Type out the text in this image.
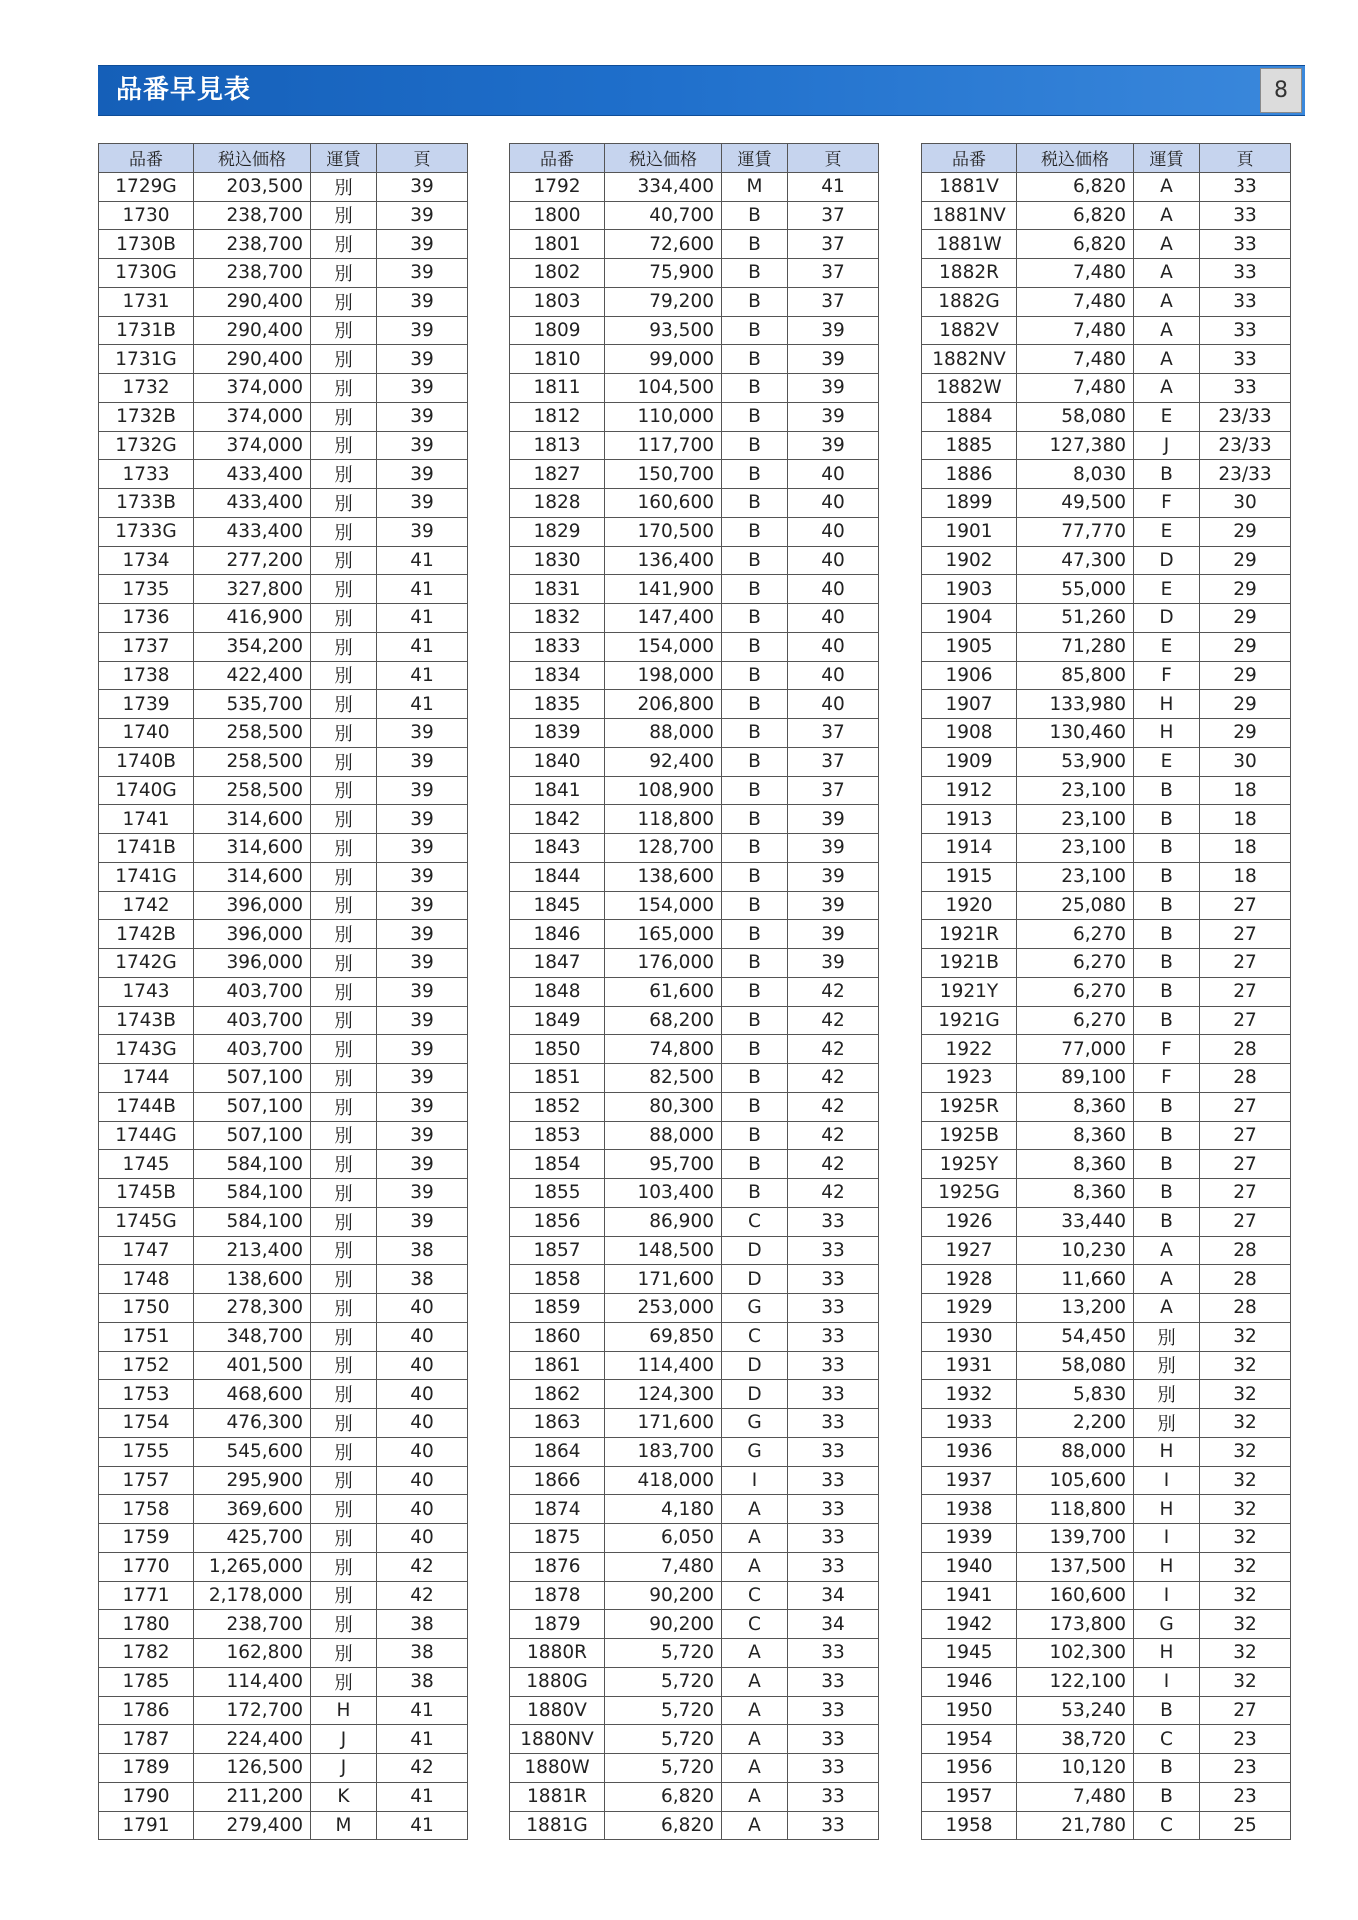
品番早見表	8
品番	税込価格	運賃	頁
1729G	203,500	別	39
1730	238,700	別	39
1730B	238,700	別	39
1730G	238,700	別	39
1731	290,400	別	39
1731B	290,400	別	39
1731G	290,400	別	39
1732	374,000	別	39
1732B	374,000	別	39
1732G	374,000	別	39
1733	433,400	別	39
1733B	433,400	別	39
1733G	433,400	別	39
1734	277,200	別	41
1735	327,800	別	41
1736	416,900	別	41
1737	354,200	別	41
1738	422,400	別	41
1739	535,700	別	41
1740	258,500	別	39
1740B	258,500	別	39
1740G	258,500	別	39
1741	314,600	別	39
1741B	314,600	別	39
1741G	314,600	別	39
1742	396,000	別	39
1742B	396,000	別	39
1742G	396,000	別	39
1743	403,700	別	39
1743B	403,700	別	39
1743G	403,700	別	39
1744	507,100	別	39
1744B	507,100	別	39
1744G	507,100	別	39
1745	584,100	別	39
1745B	584,100	別	39
1745G	584,100	別	39
1747	213,400	別	38
1748	138,600	別	38
1750	278,300	別	40
1751	348,700	別	40
1752	401,500	別	40
1753	468,600	別	40
1754	476,300	別	40
1755	545,600	別	40
1757	295,900	別	40
1758	369,600	別	40
1759	425,700	別	40
1770	1,265,000	別	42
1771	2,178,000	別	42
1780	238,700	別	38
1782	162,800	別	38
1785	114,400	別	38
1786	172,700	H	41
1787	224,400	J	41
1789	126,500	J	42
1790	211,200	K	41
1791	279,400	M	41
品番	税込価格	運賃	頁
1792	334,400	M	41
1800	40,700	B	37
1801	72,600	B	37
1802	75,900	B	37
1803	79,200	B	37
1809	93,500	B	39
1810	99,000	B	39
1811	104,500	B	39
1812	110,000	B	39
1813	117,700	B	39
1827	150,700	B	40
1828	160,600	B	40
1829	170,500	B	40
1830	136,400	B	40
1831	141,900	B	40
1832	147,400	B	40
1833	154,000	B	40
1834	198,000	B	40
1835	206,800	B	40
1839	88,000	B	37
1840	92,400	B	37
1841	108,900	B	37
1842	118,800	B	39
1843	128,700	B	39
1844	138,600	B	39
1845	154,000	B	39
1846	165,000	B	39
1847	176,000	B	39
1848	61,600	B	42
1849	68,200	B	42
1850	74,800	B	42
1851	82,500	B	42
1852	80,300	B	42
1853	88,000	B	42
1854	95,700	B	42
1855	103,400	B	42
1856	86,900	C	33
1857	148,500	D	33
1858	171,600	D	33
1859	253,000	G	33
1860	69,850	C	33
1861	114,400	D	33
1862	124,300	D	33
1863	171,600	G	33
1864	183,700	G	33
1866	418,000	I	33
1874	4,180	A	33
1875	6,050	A	33
1876	7,480	A	33
1878	90,200	C	34
1879	90,200	C	34
1880R	5,720	A	33
1880G	5,720	A	33
1880V	5,720	A	33
1880NV	5,720	A	33
1880W	5,720	A	33
1881R	6,820	A	33
1881G	6,820	A	33
品番	税込価格	運賃	頁
1881V	6,820	A	33
1881NV	6,820	A	33
1881W	6,820	A	33
1882R	7,480	A	33
1882G	7,480	A	33
1882V	7,480	A	33
1882NV	7,480	A	33
1882W	7,480	A	33
1884	58,080	E	23/33
1885	127,380	J	23/33
1886	8,030	B	23/33
1899	49,500	F	30
1901	77,770	E	29
1902	47,300	D	29
1903	55,000	E	29
1904	51,260	D	29
1905	71,280	E	29
1906	85,800	F	29
1907	133,980	H	29
1908	130,460	H	29
1909	53,900	E	30
1912	23,100	B	18
1913	23,100	B	18
1914	23,100	B	18
1915	23,100	B	18
1920	25,080	B	27
1921R	6,270	B	27
1921B	6,270	B	27
1921Y	6,270	B	27
1921G	6,270	B	27
1922	77,000	F	28
1923	89,100	F	28
1925R	8,360	B	27
1925B	8,360	B	27
1925Y	8,360	B	27
1925G	8,360	B	27
1926	33,440	B	27
1927	10,230	A	28
1928	11,660	A	28
1929	13,200	A	28
1930	54,450	別	32
1931	58,080	別	32
1932	5,830	別	32
1933	2,200	別	32
1936	88,000	H	32
1937	105,600	I	32
1938	118,800	H	32
1939	139,700	I	32
1940	137,500	H	32
1941	160,600	I	32
1942	173,800	G	32
1945	102,300	H	32
1946	122,100	I	32
1950	53,240	B	27
1954	38,720	C	23
1956	10,120	B	23
1957	7,480	B	23
1958	21,780	C	25
